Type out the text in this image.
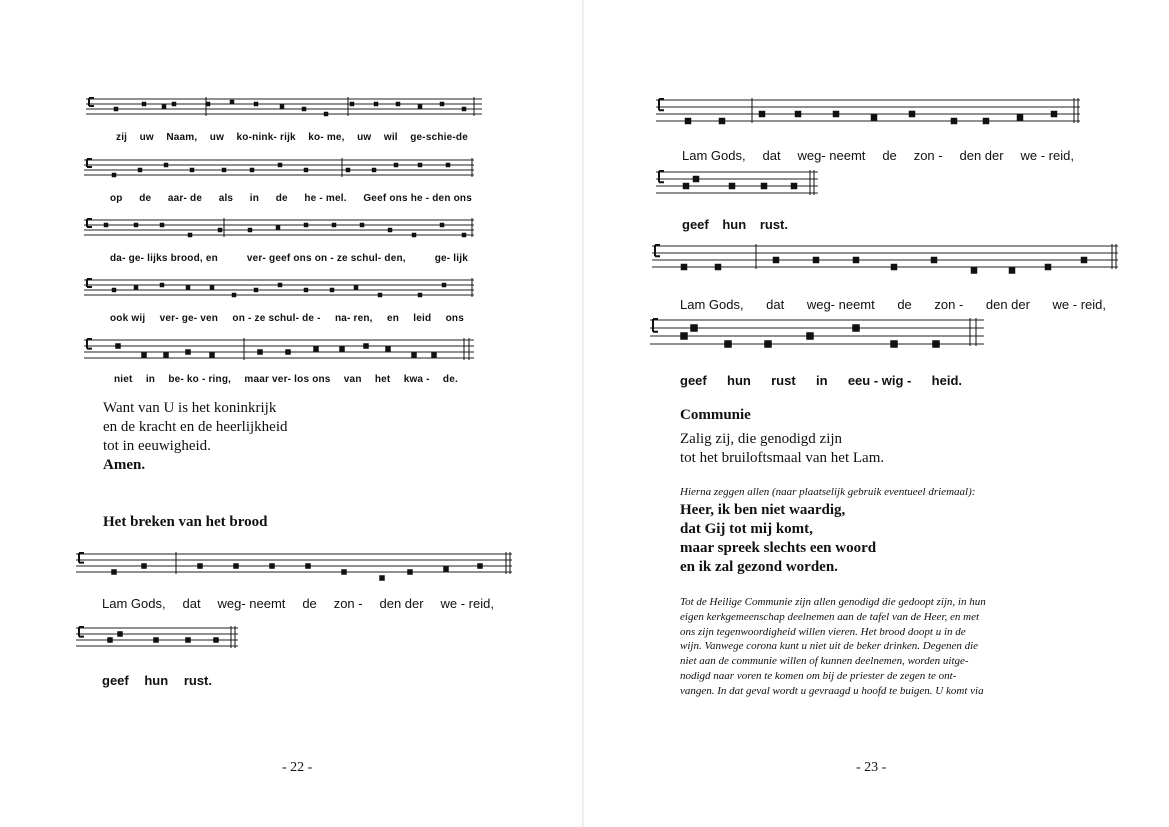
zij uw Naam, uw ko-nink- rijk ko- me, uw wil ge-schie-de
op de aar- de als in de he - mel. Geef ons he - den ons
da- ge- lijks brood, en	ver- geef ons on - ze schul- den,	ge- lijk
ook wij ver- ge- ven on - ze schul- de - na- ren, en leid ons
niet in be- ko - ring, maar ver- los ons van het kwa - de.
Want van U is het koninkrijk
en de kracht en de heerlijkheid
tot in eeuwigheid.
Amen.
Het breken van het brood
Lam Gods, dat weg- neemt de zon - den der we - reid,
geef hun rust.
- 22 -
Lam Gods, dat weg- neemt de zon - den der we - reid,
geef hun rust.
Lam Gods, dat weg- neemt de zon - den der we - reid,
geef hun rust in eeu - wig - heid.
Communie
Zalig zij, die genodigd zijn
tot het bruiloftsmaal van het Lam.
Hierna zeggen allen (naar plaatselijk gebruik eventueel driemaal):
Heer, ik ben niet waardig,
dat Gij tot mij komt,
maar spreek slechts een woord
en ik zal gezond worden.
Tot de Heilige Communie zijn allen genodigd die gedoopt zijn, in hun
eigen kerkgemeenschap deelnemen aan de tafel van de Heer, en met
ons zijn tegenwoordigheid willen vieren. Het brood doopt u in de
wijn. Vanwege corona kunt u niet uit de beker drinken. Degenen die
niet aan de communie willen of kunnen deelnemen, worden uitge-
nodigd naar voren te komen om bij de priester de zegen te ont-
vangen. In dat geval wordt u gevraagd u hoofd te buigen. U komt via
- 23 -
